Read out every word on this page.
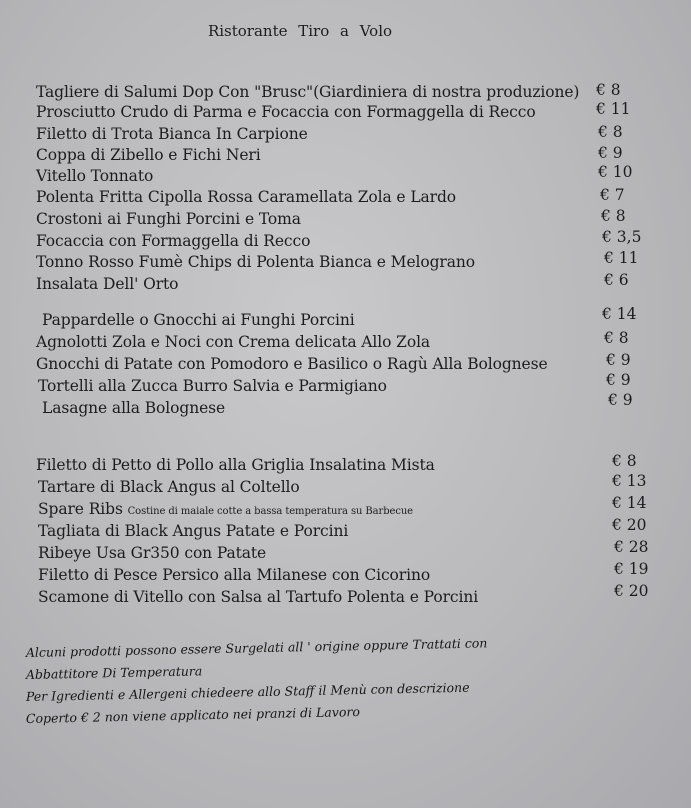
Ristorante Tiro a Volo
Tagliere di Salumi Dop Con "Brusc"(Giardiniera di nostra produzione) € 8
Prosciutto Crudo di Parma e Focaccia con Formaggella di Recco	€ 11
Filetto di Trota Bianca In Carpione	€ 8
Coppa di Zibello e Fichi Neri	€ 9
Vitello Tonnato	€ 10
Polenta Fritta Cipolla Rossa Caramellata Zola e Lardo	€ 7
Crostoni ai Funghi Porcini e Toma	€ 8
Focaccia con Formaggella di Recco	€ 3,5
Tonno Rosso Fumè Chips di Polenta Bianca e Melograno	€ 11
Insalata Dell' Orto	€ 6
Pappardelle o Gnocchi ai Funghi Porcini	€ 14
Agnolotti Zola e Noci con Crema delicata Allo Zola	€ 8
Gnocchi di Patate con Pomodoro e Basilico o Ragù Alla Bolognese	€ 9
Tortelli alla Zucca Burro Salvia e Parmigiano	€ 9
Lasagne alla Bolognese	€ 9
Filetto di Petto di Pollo alla Griglia Insalatina Mista	€ 8
Tartare di Black Angus al Coltello	€ 13
Spare Ribs Costine di maiale cotte a bassa temperatura su Barbecue	€ 14
Tagliata di Black Angus Patate e Porcini	€ 20
Ribeye Usa Gr350 con Patate	€ 28
Filetto di Pesce Persico alla Milanese con Cicorino	€ 19
Scamone di Vitello con Salsa al Tartufo Polenta e Porcini	€ 20
Alcuni prodotti possono essere Surgelati all ' origine oppure Trattati con
Abbattitore Di Temperatura
Per Igredienti e Allergeni chiedeere allo Staff il Menù con descrizione
Coperto € 2 non viene applicato nei pranzi di Lavoro
